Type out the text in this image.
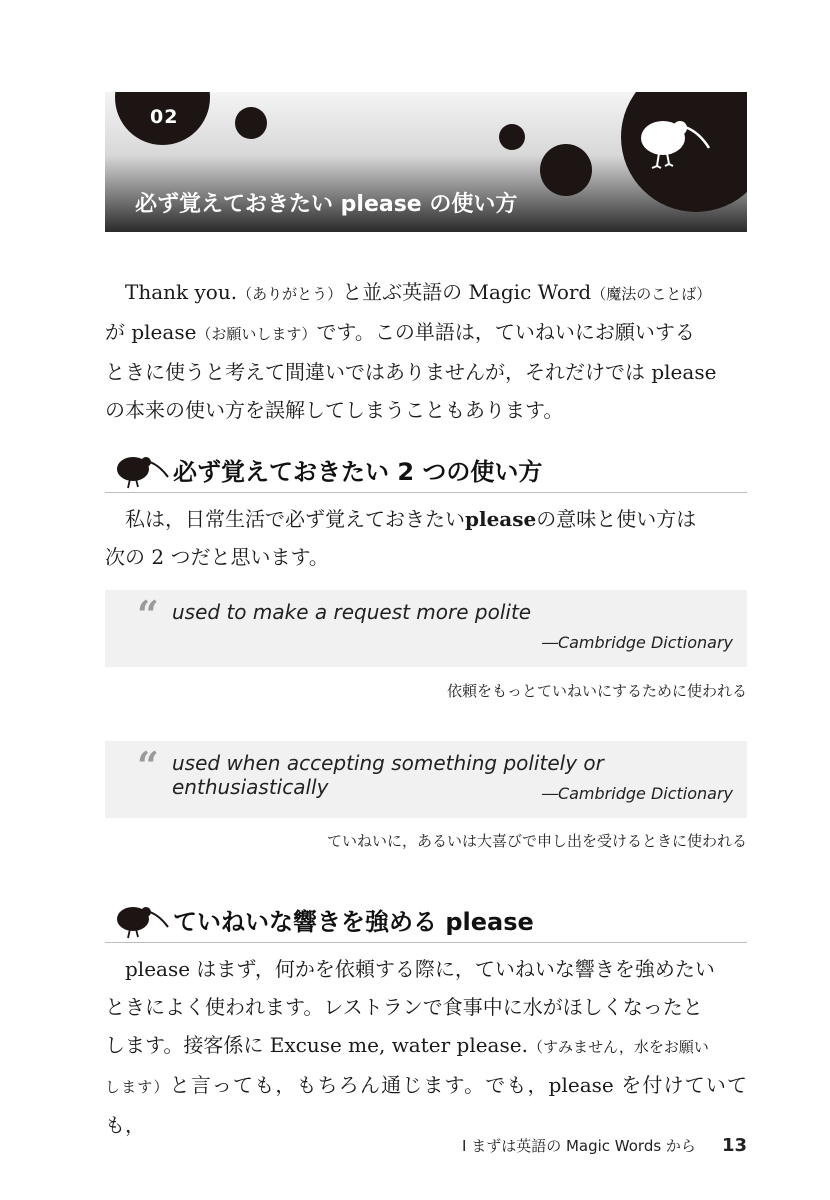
02
必ず覚えておきたい please の使い方

Thank you.（ありがとう）と並ぶ英語の Magic Word（魔法のことば）

が please（お願いします）です。この単語は，ていねいにお願いする

ときに使うと考えて間違いではありませんが，それだけでは please

の本来の使い方を誤解してしまうこともあります。

必ず覚えておきたい 2 つの使い方

私は，日常生活で必ず覚えておきたいpleaseの意味と使い方は

次の 2 つだと思います。

“ used to make a request more polite
―Cambridge Dictionary
依頼をもっとていねいにするために使われる
“ used when accepting something politely or enthusiastically	―Cambridge Dictionary
ていねいに，あるいは大喜びで申し出を受けるときに使われる
ていねいな響きを強める please

please はまず，何かを依頼する際に，ていねいな響きを強めたい

ときによく使われます。レストランで食事中に水がほしくなったと

します。接客係に Excuse me, water please.（すみません，水をお願い

します）と言っても，もちろん通じます。でも，please を付けていても，

Ⅰ まずは英語の Magic Words から 13
